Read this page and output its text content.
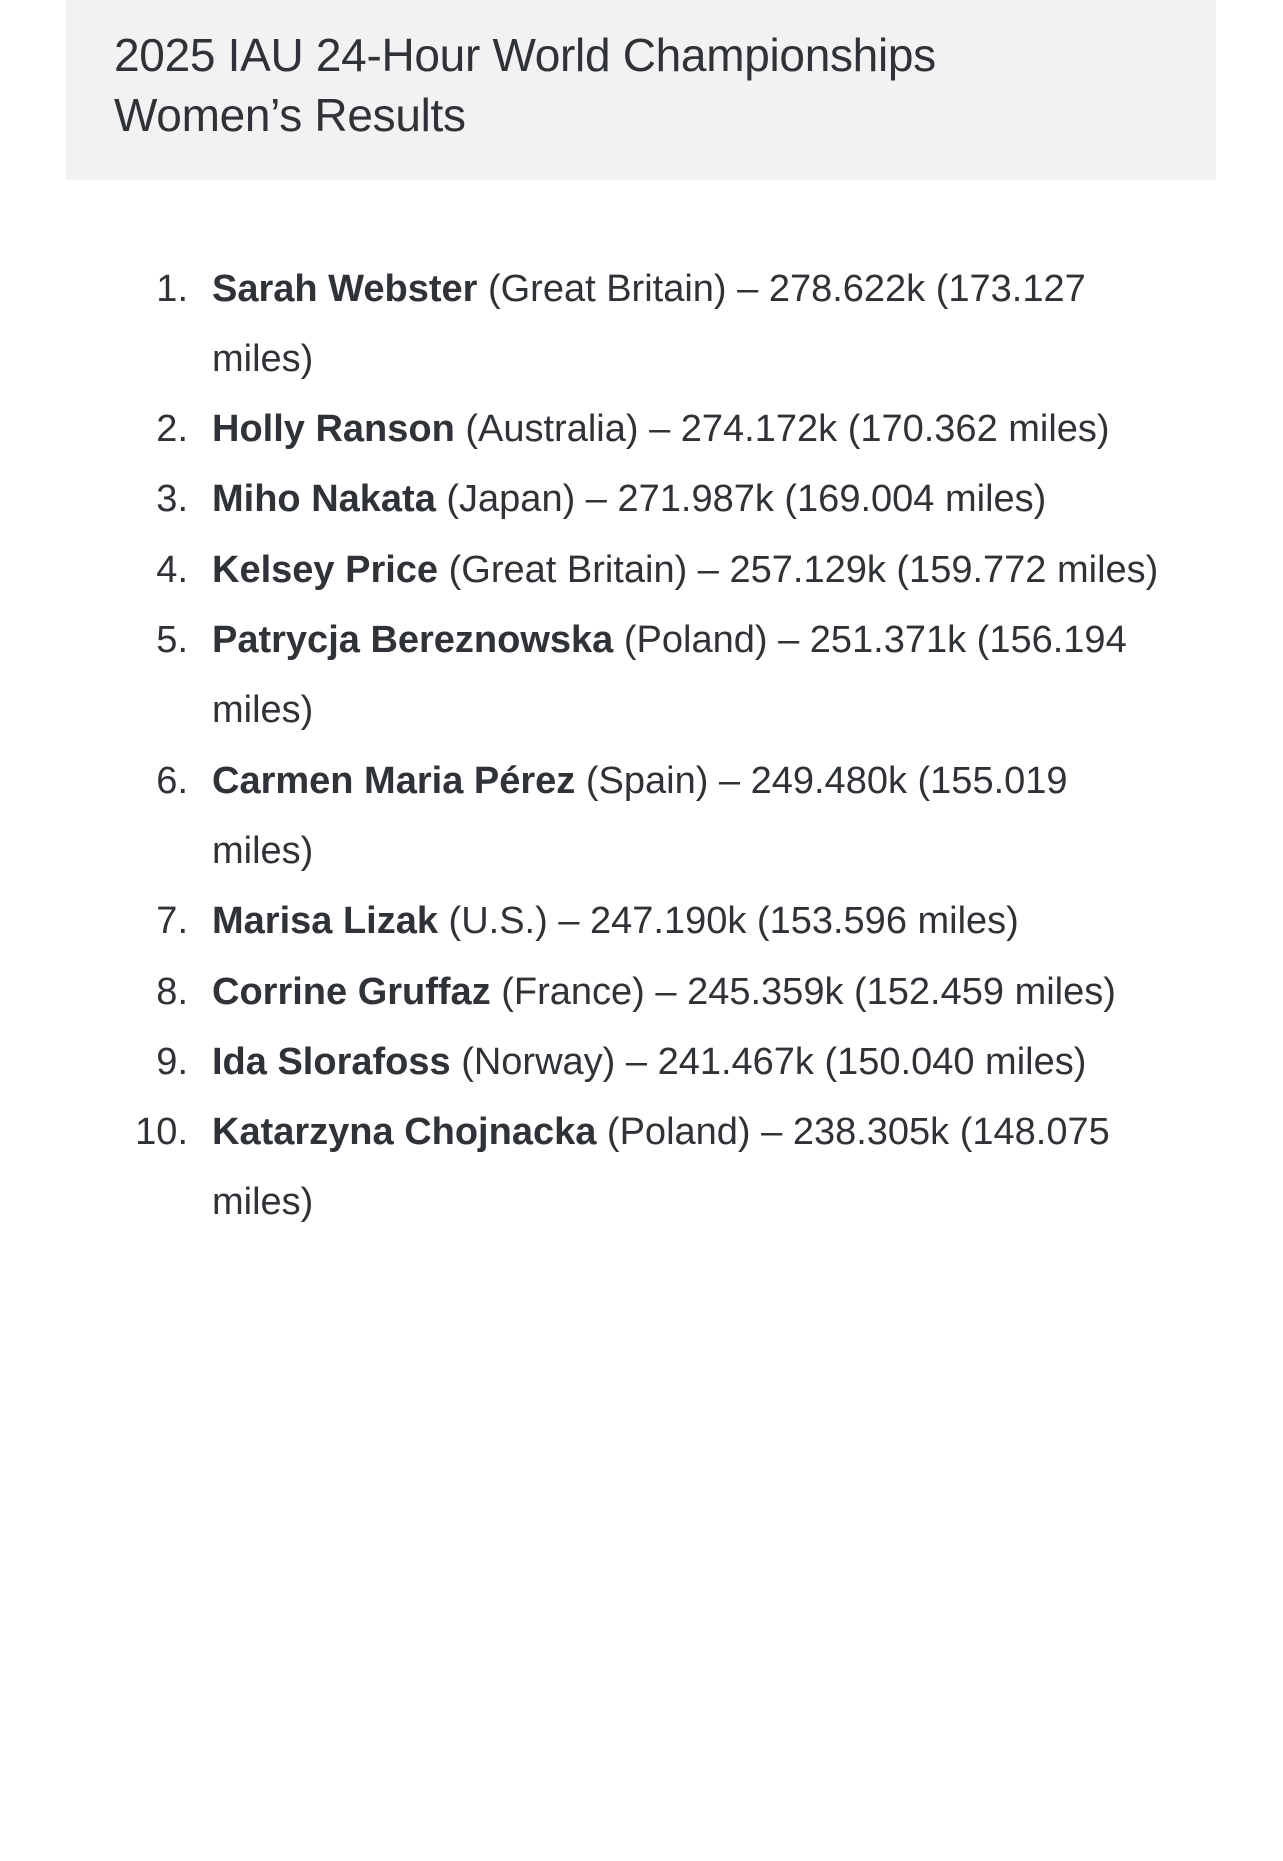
2025 IAU 24-Hour World Championships Women’s Results
Sarah Webster (Great Britain) – 278.622k (173.127 miles)
Holly Ranson (Australia) – 274.172k (170.362 miles)
Miho Nakata (Japan) – 271.987k (169.004 miles)
Kelsey Price (Great Britain) – 257.129k (159.772 miles)
Patrycja Bereznowska (Poland) – 251.371k (156.194 miles)
Carmen Maria Pérez (Spain) – 249.480k (155.019 miles)
Marisa Lizak (U.S.) – 247.190k (153.596 miles)
Corrine Gruffaz (France) – 245.359k (152.459 miles)
Ida Slorafoss (Norway) – 241.467k (150.040 miles)
Katarzyna Chojnacka (Poland) – 238.305k (148.075 miles)
